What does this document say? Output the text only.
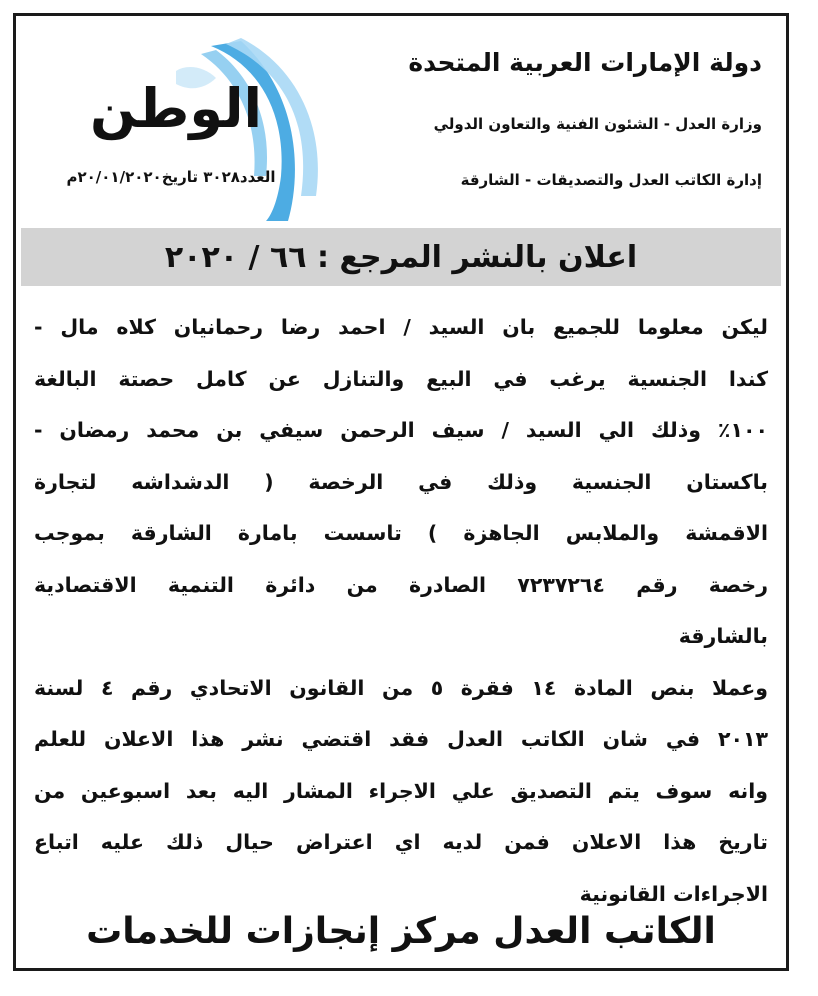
دولة الإمارات العربية المتحدة

وزارة العدل - الشئون الفنية والتعاون الدولي

إدارة الكاتب العدل والتصديقات - الشارقة

الوطن

العدد٣٠٢٨ تاريخ٢٠/٠١/٢٠٢٠م

اعلان بالنشر المرجع : ٦٦ / ٢٠٢٠

ليكن معلوما للجميع بان السيد / احمد رضا رحمانيان كلاه مال -

كندا الجنسية يرغب في البيع والتنازل عن كامل حصتة البالغة

١٠٠٪ وذلك الي السيد / سيف الرحمن سيفي بن محمد رمضان -

باكستان الجنسية وذلك في الرخصة ( الدشداشه لتجارة

الاقمشة والملابس الجاهزة ) تاسست بامارة الشارقة بموجب

رخصة رقم ٧٢٣٧٢٦٤ الصادرة من دائرة التنمية الاقتصادية

بالشارقة

وعملا بنص المادة ١٤ فقرة ٥ من القانون الاتحادي رقم ٤ لسنة

٢٠١٣ في شان الكاتب العدل فقد اقتضي نشر هذا الاعلان للعلم

وانه سوف يتم التصديق علي الاجراء المشار اليه بعد اسبوعين من

تاريخ هذا الاعلان فمن لديه اي اعتراض حيال ذلك عليه اتباع

الاجراءات القانونية

الكاتب العدل مركز إنجازات للخدمات
